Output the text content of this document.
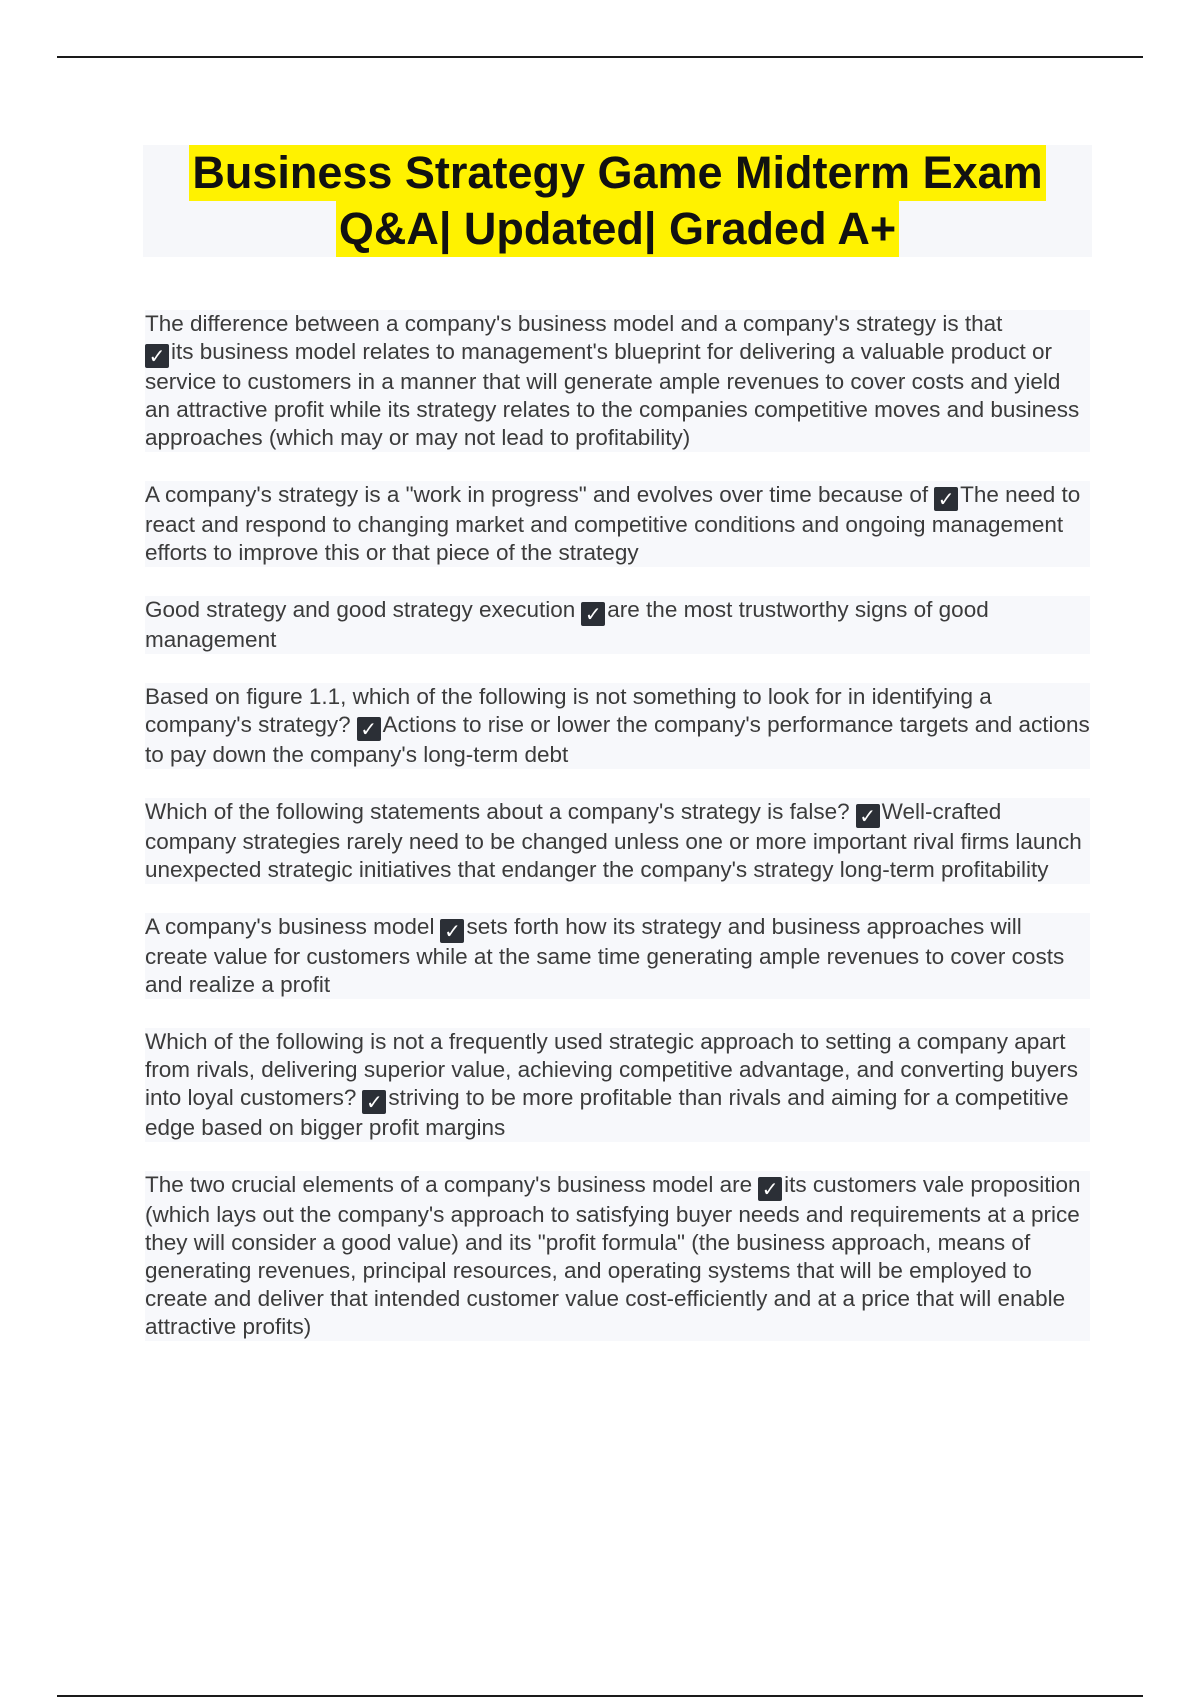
Business Strategy Game Midterm Exam
Q&A| Updated| Graded A+

The difference between a company's business model and a company's strategy is that
✓ its business model relates to management's blueprint for delivering a valuable product or service to customers in a manner that will generate ample revenues to cover costs and yield an attractive profit while its strategy relates to the companies competitive moves and business approaches (which may or may not lead to profitability)

A company's strategy is a "work in progress" and evolves over time because of ✓ The need to react and respond to changing market and competitive conditions and ongoing management efforts to improve this or that piece of the strategy

Good strategy and good strategy execution ✓ are the most trustworthy signs of good management

Based on figure 1.1, which of the following is not something to look for in identifying a company's strategy? ✓ Actions to rise or lower the company's performance targets and actions to pay down the company's long-term debt

Which of the following statements about a company's strategy is false? ✓ Well-crafted company strategies rarely need to be changed unless one or more important rival firms launch unexpected strategic initiatives that endanger the company's strategy long-term profitability

A company's business model ✓ sets forth how its strategy and business approaches will create value for customers while at the same time generating ample revenues to cover costs and realize a profit

Which of the following is not a frequently used strategic approach to setting a company apart from rivals, delivering superior value, achieving competitive advantage, and converting buyers into loyal customers? ✓ striving to be more profitable than rivals and aiming for a competitive edge based on bigger profit margins

The two crucial elements of a company's business model are ✓ its customers vale proposition (which lays out the company's approach to satisfying buyer needs and requirements at a price they will consider a good value) and its "profit formula" (the business approach, means of generating revenues, principal resources, and operating systems that will be employed to create and deliver that intended customer value cost-efficiently and at a price that will enable attractive profits)
